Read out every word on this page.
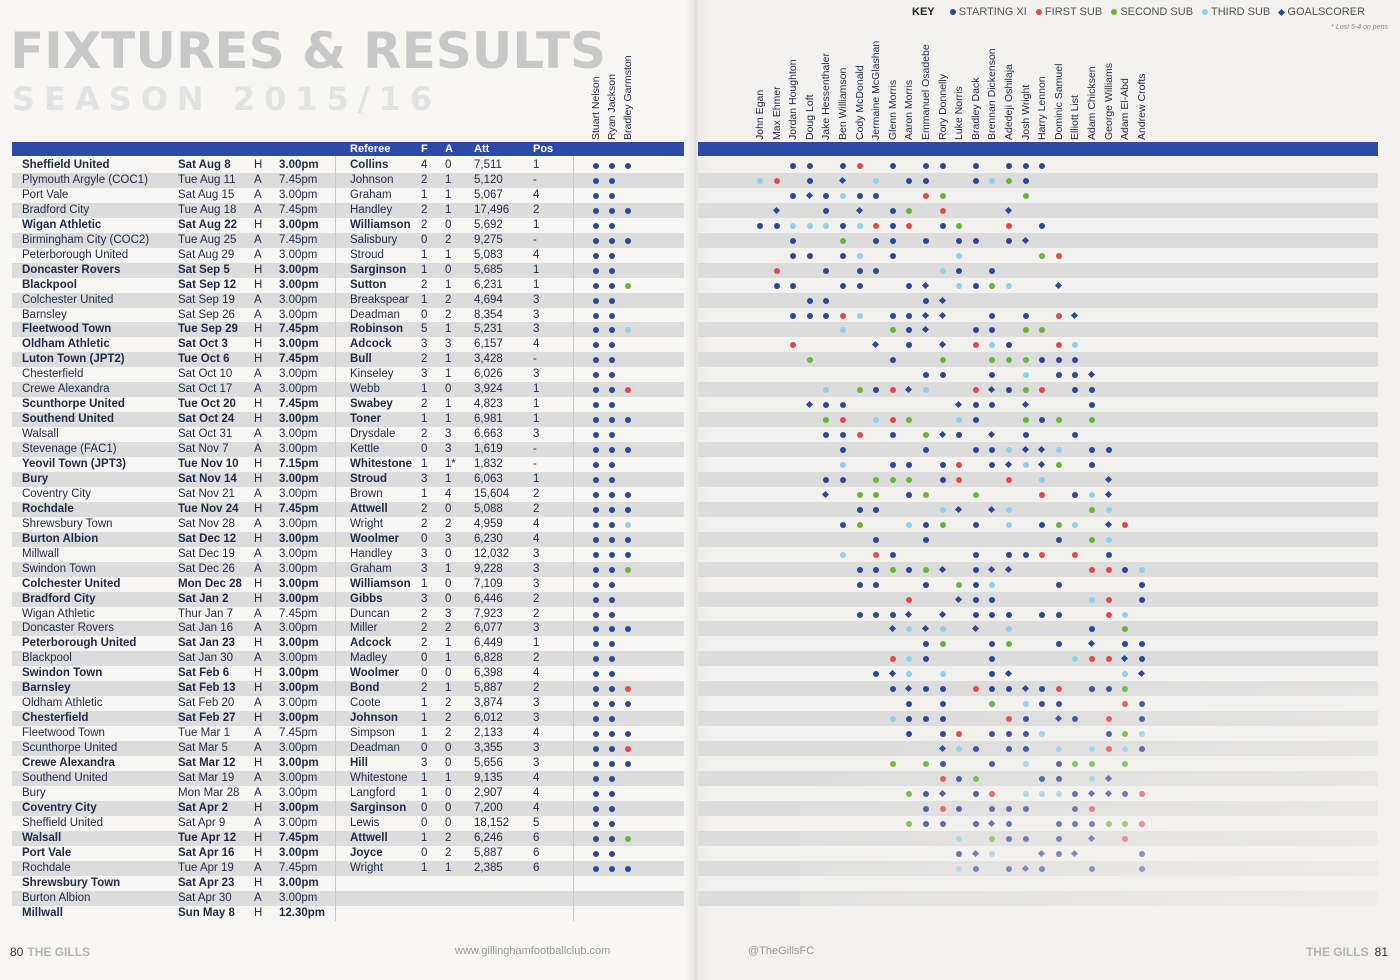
FIXTURES & RESULTS
SEASON 2015/16
KEY STARTING XI FIRST SUB SECOND SUB THIRD SUB GOALSCORER
* Lost 5-4 on pens
Stuart Nelson Ryan Jackson Bradley Garmston	John Egan Max Ehmer Jordan Houghton Doug Loft Jake Hessenthaler Ben Williamson Cody McDonald Jermaine McGlashan Glenn Morris Aaron Morris Emmanuel Osadebe Rory Donnelly Luke Norris Bradley Dack Brennan Dickenson Adedeji Oshilaja Josh Wright Harry Lennon Dominic Samuel Elliott List Adam Chicksen George Williams Adam El-Abd Andrew Crofts
Referee	F A Att	Pos
Sheffield United	Sat Aug 8 H 3.00pm	Collins	4 0 7,511	1
Plymouth Argyle (COC1)	Tue Aug 11 A 7.45pm	Johnson 2 1 5,120	-
Port Vale	Sat Aug 15 A 3.00pm	Graham	1 1 5,067	4
Bradford City	Tue Aug 18 A 7.45pm	Handley	2 1 17,496 2
Wigan Athletic	Sat Aug 22 H 3.00pm	Williamson 2 0 5,692	1
Birmingham City (COC2)	Tue Aug 25 A 7.45pm	Salisbury 0 2 9,275	-
Peterborough United	Sat Aug 29 A 3.00pm	Stroud	1 1 5,083	4
Doncaster Rovers	Sat Sep 5 H 3.00pm	Sarginson 1 0 5,685	1
Blackpool	Sat Sep 12 H 3.00pm	Sutton	2 1 6,231	1
Colchester United	Sat Sep 19 A 3.00pm	Breakspear 1 2 4,694	3
Barnsley	Sat Sep 26 A 3.00pm	Deadman 0 2 8,354	3
Fleetwood Town	Tue Sep 29 H 7.45pm	Robinson 5 1 5,231	3
Oldham Athletic	Sat Oct 3 H 3.00pm	Adcock	3 3 6,157	4
Luton Town (JPT2)	Tue Oct 6 H 7.45pm	Bull	2 1 3,428	-
Chesterfield	Sat Oct 10 A 3.00pm	Kinseley 3 1 6,026	3
Crewe Alexandra	Sat Oct 17 A 3.00pm	Webb	1 0 3,924	1
Scunthorpe United	Tue Oct 20 H 7.45pm	Swabey 2 1 4,823	1
Southend United	Sat Oct 24 H 3.00pm	Toner	1 1 6,981	1
Walsall	Sat Oct 31 A 3.00pm	Drysdale 2 3 6,663	3
Stevenage (FAC1)	Sat Nov 7 A 3.00pm	Kettle	0 3 1,619	-
Yeovil Town (JPT3)	Tue Nov 10 H 7.15pm	Whitestone 1 1* 1,832	-
Bury	Sat Nov 14 H 3.00pm	Stroud	3 1 6,063	1
Coventry City	Sat Nov 21 A 3.00pm	Brown	1 4 15,604 2
Rochdale	Tue Nov 24 H 7.45pm	Attwell	2 0 5,088	2
Shrewsbury Town	Sat Nov 28 A 3.00pm	Wright	2 2 4,959	4
Burton Albion	Sat Dec 12 H 3.00pm	Woolmer 0 3 6,230	4
Millwall	Sat Dec 19 A 3.00pm	Handley	3 0 12,032 3
Swindon Town	Sat Dec 26 A 3.00pm	Graham	3 1 9,228	3
Colchester United	Mon Dec 28 H 3.00pm	Williamson 1 0 7,109	3
Bradford City	Sat Jan 2 H 3.00pm	Gibbs	3 0 6,446	2
Wigan Athletic	Thur Jan 7 A 7.45pm	Duncan	2 3 7,923	2
Doncaster Rovers	Sat Jan 16 A 3.00pm	Miller	2 2 6,077	3
Peterborough United	Sat Jan 23 H 3.00pm	Adcock	2 1 6,449	1
Blackpool	Sat Jan 30 A 3.00pm	Madley	0 1 6,828	2
Swindon Town	Sat Feb 6 H 3.00pm	Woolmer 0 0 6,398	4
Barnsley	Sat Feb 13 H 3.00pm	Bond	2 1 5,887	2
Oldham Athletic	Sat Feb 20 A 3.00pm	Coote	1 2 3,874	3
Chesterfield	Sat Feb 27 H 3.00pm	Johnson 1 2 6,012	3
Fleetwood Town	Tue Mar 1 A 7.45pm	Simpson 1 2 2,133	4
Scunthorpe United	Sat Mar 5 A 3.00pm	Deadman 0 0 3,355	3
Crewe Alexandra	Sat Mar 12 H 3.00pm	Hill	3 0 5,656	3
Southend United	Sat Mar 19 A 3.00pm	Whitestone 1 1 9,135	4
Bury	Mon Mar 28 A 3.00pm	Langford 1 0 2,907	4
Coventry City	Sat Apr 2 H 3.00pm	Sarginson 0 0 7,200	4
Sheffield United	Sat Apr 9 A 3.00pm	Lewis	0 0 18,152 5
Walsall	Tue Apr 12 H 7.45pm	Attwell	1 2 6,246	6
Port Vale	Sat Apr 16 H 3.00pm	Joyce	0 2 5,887	6
Rochdale	Tue Apr 19 A 7.45pm	Wright	1 1 2,385	6
Shrewsbury Town	Sat Apr 23 H 3.00pm
Burton Albion	Sat Apr 30 A 3.00pm
Millwall	Sun May 8 H 12.30pm
80 THE GILLS	www.gillinghamfootballclub.com	@TheGillsFC	THE GILLS 81
